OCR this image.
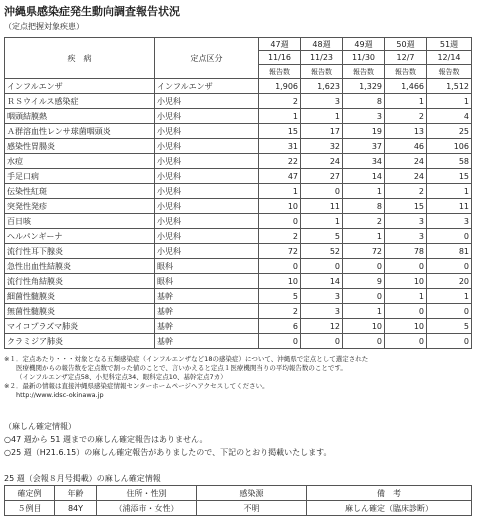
沖縄県感染症発生動向調査報告状況
（定点把握対象疾患）
疾　病	定点区分	47週	48週	49週	50週	51週
		11/16	11/23	11/30	12/7	12/14
		報告数	報告数	報告数	報告数	報告数
インフルエンザ	インフルエンザ	1,906	1,623	1,329	1,466	1,512
ＲＳウイルス感染症	小児科	2	3	8	1	1
咽頭結膜熱	小児科	1	1	3	2	4
Ａ群溶血性レンサ球菌咽頭炎	小児科	15	17	19	13	25
感染性胃腸炎	小児科	31	32	37	46	106
水痘	小児科	22	24	34	24	58
手足口病	小児科	47	27	14	24	15
伝染性紅斑	小児科	1	0	1	2	1
突発性発疹	小児科	10	11	8	15	11
百日咳	小児科	0	1	2	3	3
ヘルパンギーナ	小児科	2	5	1	3	0
流行性耳下腺炎	小児科	72	52	72	78	81
急性出血性結膜炎	眼科	0	0	0	0	0
流行性角結膜炎	眼科	10	14	9	10	20
細菌性髄膜炎	基幹	5	3	0	1	1
無菌性髄膜炎	基幹	2	3	1	0	0
マイコプラズマ肺炎	基幹	6	12	10	10	5
クラミジア肺炎	基幹	0	0	0	0	0
※１．定点あたり・・・対象となる五類感染症（インフルエンザなど18の感染症）について、沖縄県で定点として選定された
医療機関からの報告数を定点数で割った値のことで、言いかえると定点１医療機関当りの平均報告数のことです。
（インフルエンザ定点58、小児科定点34、眼科定点10、基幹定点7カ）
※２．最新の情報は直接沖縄県感染症情報センターホームページへアクセスしてください。
http://www.idsc-okinawa.jp
（麻しん確定情報）
○47 週から 51 週までの麻しん確定報告はありません。
○25 週（H21.6.15）の麻しん確定報告がありましたので、下記のとおり掲載いたします。
25 週（会報８月号掲載）の麻しん確定情報
確定例	年齢	住所・性別	感染源	備　考
５例目	84Y	（浦添市・女性）	不明	麻しん確定（臨床診断）
